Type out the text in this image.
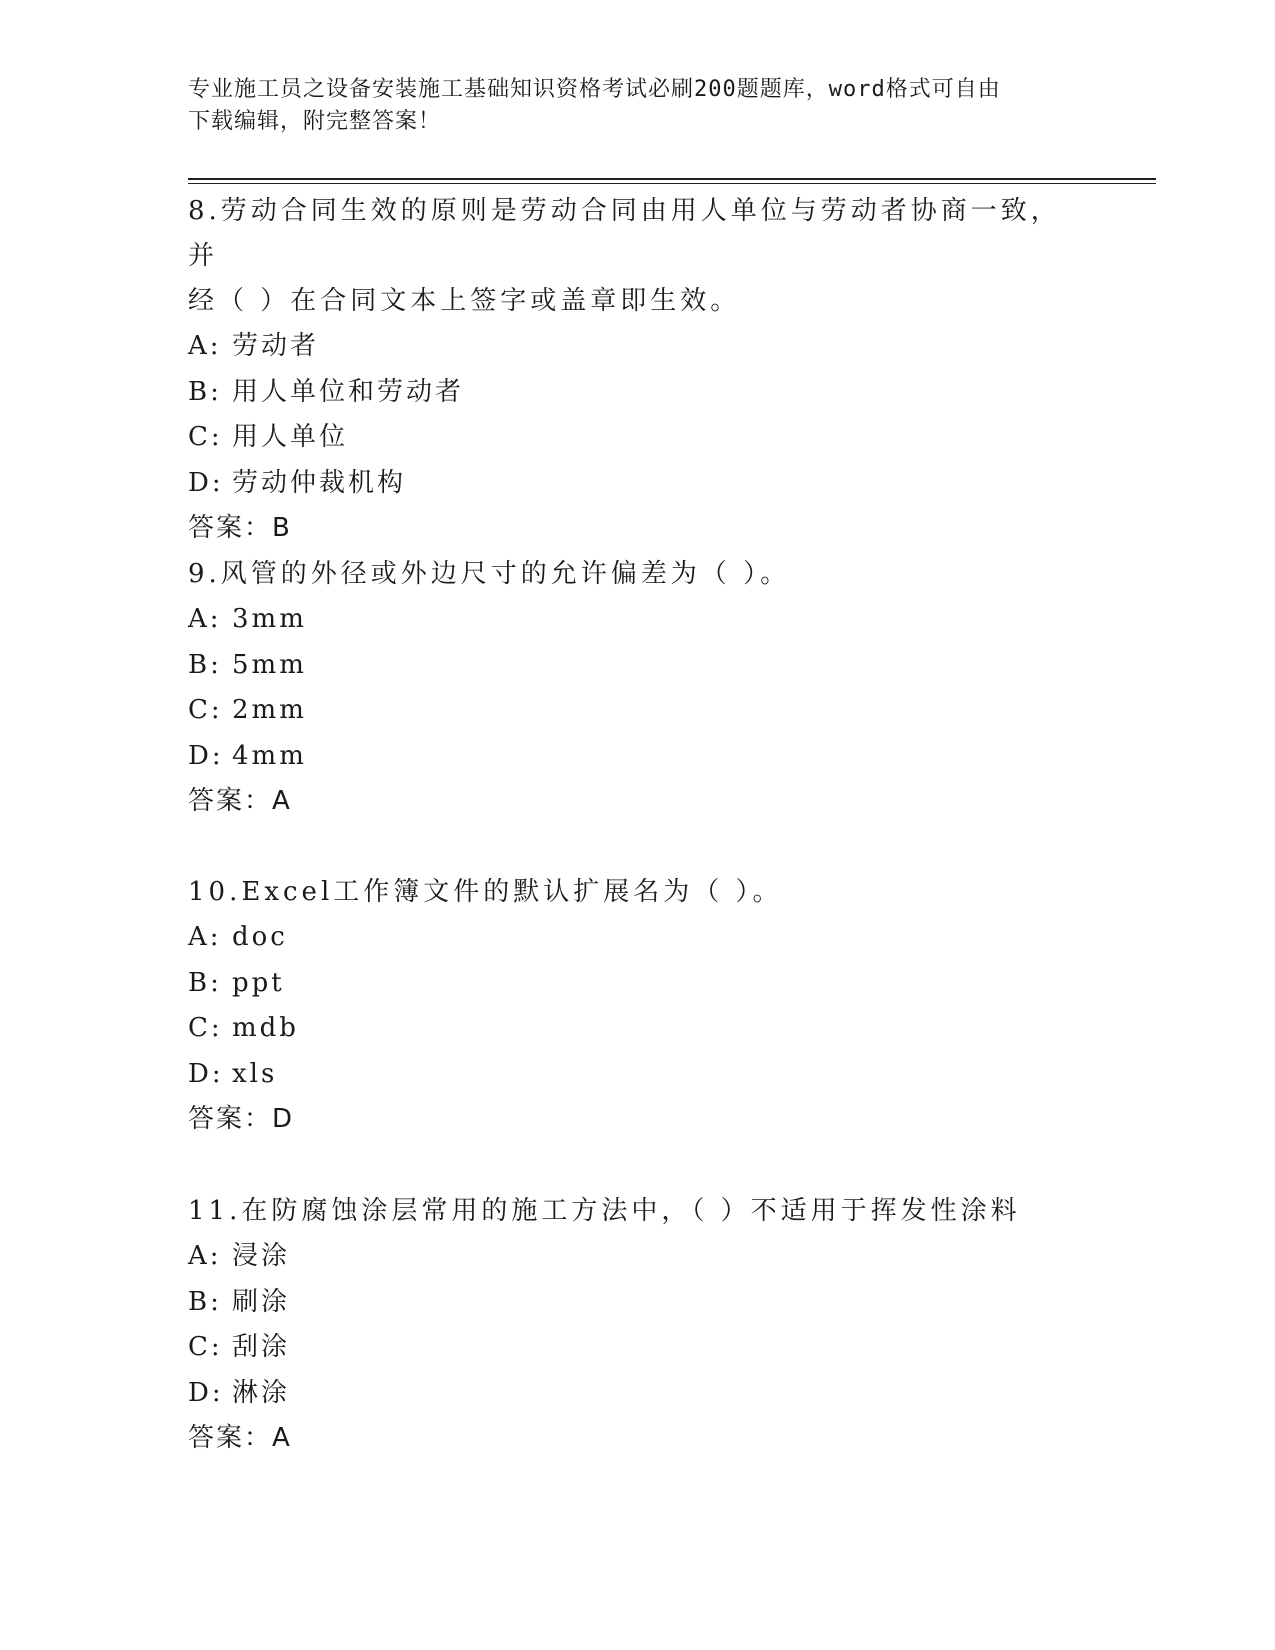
专业施工员之设备安装施工基础知识资格考试必刷200题题库，word格式可自由
下载编辑，附完整答案！
8.劳动合同生效的原则是劳动合同由用人单位与劳动者协商一致，并
经（ ）在合同文本上签字或盖章即生效。
A: 劳动者
B: 用人单位和劳动者
C: 用人单位
D: 劳动仲裁机构
答案：B
9.风管的外径或外边尺寸的允许偏差为（ ）。
A: 3mm
B: 5mm
C: 2mm
D: 4mm
答案：A
10.Excel工作簿文件的默认扩展名为（ ）。
A: doc
B: ppt
C: mdb
D: xls
答案：D
11.在防腐蚀涂层常用的施工方法中，（ ）不适用于挥发性涂料
A: 浸涂
B: 刷涂
C: 刮涂
D: 淋涂
答案：A
